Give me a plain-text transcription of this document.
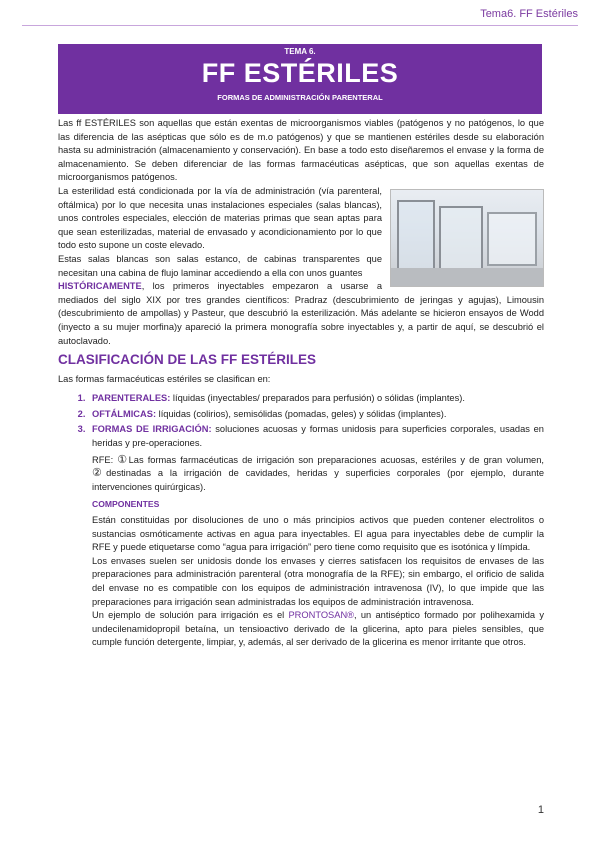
Tema6. FF Estériles
TEMA 6.
FF ESTÉRILES
FORMAS DE ADMINISTRACIÓN PARENTERAL

Las ff ESTÉRILES son aquellas que están exentas de microorganismos viables (patógenos y no patógenos, lo que las diferencia de las asépticas que sólo es de m.o patógenos) y que se mantienen estériles desde su elaboración hasta su administración (almacenamiento y conservación). En base a todo esto diseñaremos el envase y la forma de almacenamiento. Se deben diferenciar de las formas farmacéuticas asépticas, que son aquellas exentas de microorganismos patógenos.

La esterilidad está condicionada por la vía de administración (vía parenteral, oftálmica) por lo que necesita unas instalaciones especiales (salas blancas), unos controles especiales, elección de materias primas que sean aptas para que sean esterilizadas, material de envasado y acondicionamiento por lo que todo esto supone un coste elevado.

Estas salas blancas son salas estanco, de cabinas transparentes que necesitan una cabina de flujo laminar accediendo a ella con unos guantes

HISTÓRICAMENTE, los primeros inyectables empezaron a usarse a mediados del siglo XIX por tres grandes científicos: Pradraz (descubrimiento de jeringas y agujas), Limousin (descubrimiento de ampollas) y Pasteur, que descubrió la esterilización. Más adelante se hicieron ensayos de Wodd (inyecto a su mujer morfina)y apareció la primera monografía sobre inyectables y, a partir de aquí, se descubrió el autoclavado.

CLASIFICACIÓN DE LAS FF ESTÉRILES

Las formas farmacéuticas estériles se clasifican en:

1. PARENTERALES: líquidas (inyectables/ preparados para perfusión) o sólidas (implantes).
2. OFTÁLMICAS: líquidas (colirios), semisólidas (pomadas, geles) y sólidas (implantes).
3. FORMAS DE IRRIGACIÓN: soluciones acuosas y formas unidosis para superficies corporales, usadas en heridas y pre-operaciones.

RFE: ①Las formas farmacéuticas de irrigación son preparaciones acuosas, estériles y de gran volumen, ②destinadas a la irrigación de cavidades, heridas y superficies corporales (por ejemplo, durante intervenciones quirúrgicas).

COMPONENTES

Están constituidas por disoluciones de uno o más principios activos que pueden contener electrolitos o sustancias osmóticamente activas en agua para inyectables. El agua para inyectables debe de cumplir la RFE y puede etiquetarse como “agua para irrigación” pero tiene como requisito que es isotónica y límpida.

Los envases suelen ser unidosis donde los envases y cierres satisfacen los requisitos de envases de las preparaciones para administración parenteral (otra monografía de la RFE); sin embargo, el orificio de salida del envase no es compatible con los equipos de administración intravenosa (IV), lo que impide que las preparaciones para irrigación sean administradas los equipos de administración intravenosa.

Un ejemplo de solución para irrigación es el PRONTOSAN®, un antiséptico formado por polihexamida y undecilenamidopropil betaína, un tensioactivo derivado de la glicerina, apto para pieles sensibles, que cumple función detergente, limpiar, y, además, al ser derivado de la glicerina es menor irritante que otros.

1
